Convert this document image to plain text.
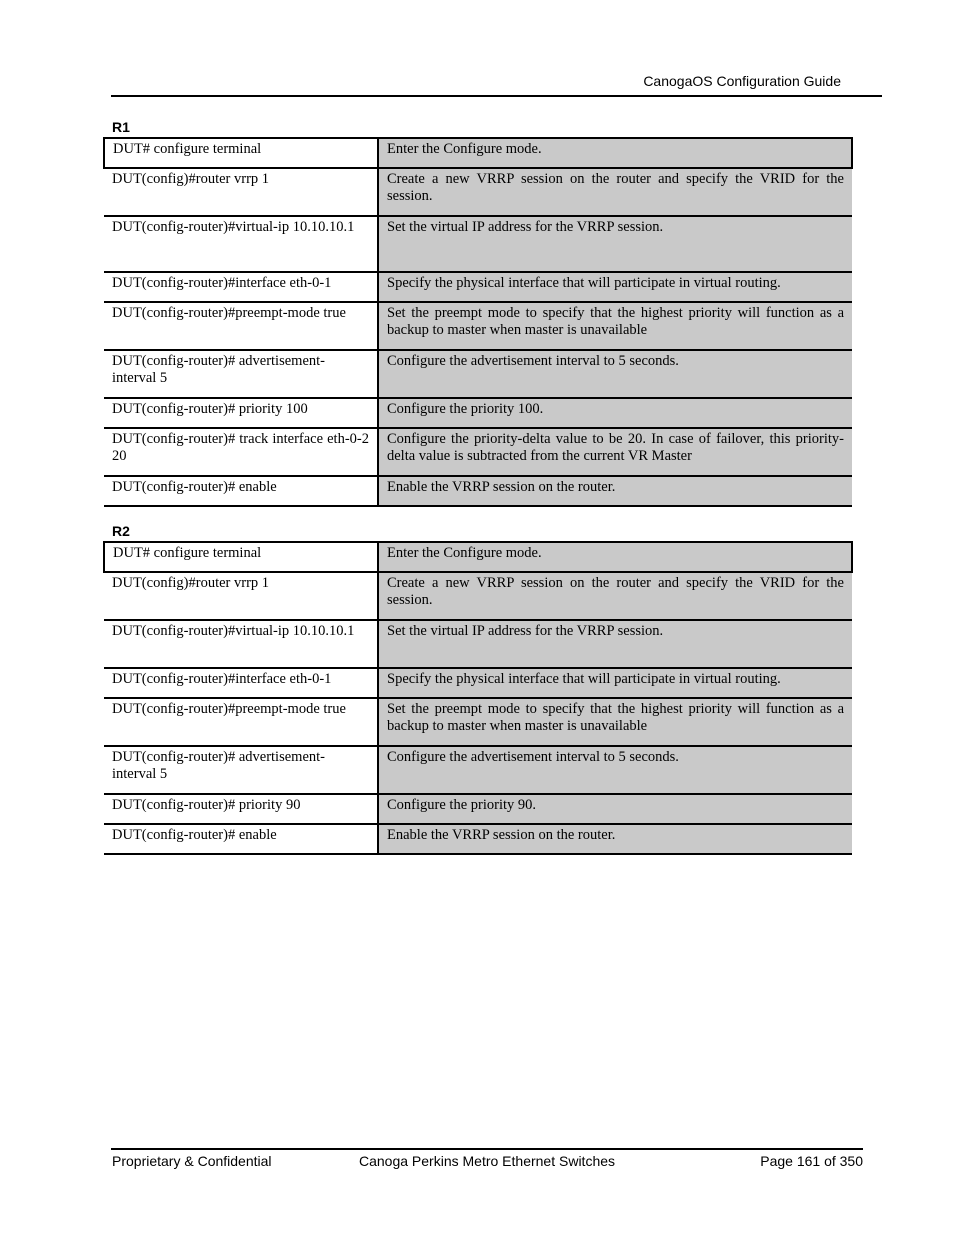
CanogaOS Configuration Guide
R1
DUT# configure terminal	Enter the Configure mode.
DUT(config)#router vrrp 1	Create a new VRRP session on the router and specify the VRID for the session.
DUT(config-router)#virtual-ip 10.10.10.1	Set the virtual IP address for the VRRP session.
DUT(config-router)#interface eth-0-1	Specify the physical interface that will participate in virtual routing.
DUT(config-router)#preempt-mode true	Set the preempt mode to specify that the highest priority will function as a backup to master when master is unavailable
DUT(config-router)# advertisement-interval 5	Configure the advertisement interval to 5 seconds.
DUT(config-router)# priority 100	Configure the priority 100.
DUT(config-router)# track interface eth-0-2 20	Configure the priority-delta value to be 20. In case of failover, this priority-delta value is subtracted from the current VR Master
DUT(config-router)# enable	Enable the VRRP session on the router.
R2
DUT# configure terminal	Enter the Configure mode.
DUT(config)#router vrrp 1	Create a new VRRP session on the router and specify the VRID for the session.
DUT(config-router)#virtual-ip 10.10.10.1	Set the virtual IP address for the VRRP session.
DUT(config-router)#interface eth-0-1	Specify the physical interface that will participate in virtual routing.
DUT(config-router)#preempt-mode true	Set the preempt mode to specify that the highest priority will function as a backup to master when master is unavailable
DUT(config-router)# advertisement-interval 5	Configure the advertisement interval to 5 seconds.
DUT(config-router)# priority 90	Configure the priority 90.
DUT(config-router)# enable	Enable the VRRP session on the router.
Proprietary & Confidential	Canoga Perkins Metro Ethernet Switches	Page 161 of 350
